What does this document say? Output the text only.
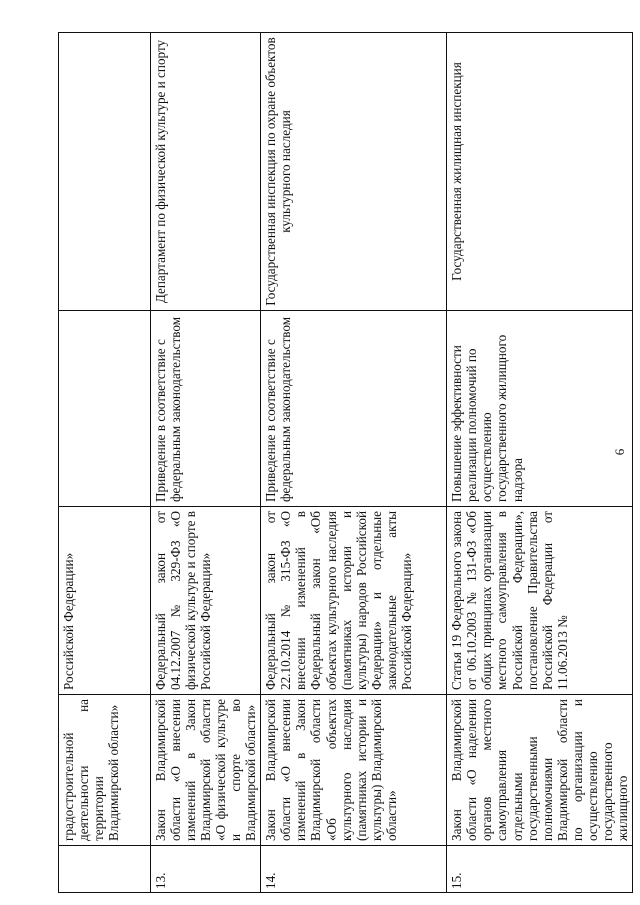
6
	градостроительной деятельности на территории Владимирской области»	Российской Федерации»		
13.	Закон Владимирской области «О внесении изменений в Закон Владимирской области «О физической культуре и спорте во Владимирской области»	Федеральный закон от 04.12.2007 № 329-ФЗ «О физической культуре и спорте в Российской Федерации»	Приведение в соответствие с федеральным законодательством	Департамент по физической культуре и спорту
14.	Закон Владимирской области «О внесении изменений в Закон Владимирской области «Об объектах культурного наследия (памятниках истории и культуры) Владимирской области»	Федеральный закон от 22.10.2014 № 315-ФЗ «О внесении изменений в Федеральный закон «Об объектах культурного наследия (памятниках истории и культуры) народов Российской Федерации» и отдельные законодательные акты Российской Федерации»	Приведение в соответствие с федеральным законодательством	Государственная инспекция по охране объектов культурного наследия
15.	Закон Владимирской области «О наделении органов местного самоуправления отдельными государственными полномочиями Владимирской области по организации и осуществлению государственного жилищного	Статья 19 Федерального закона от 06.10.2003 № 131-ФЗ «Об общих принципах организации местного самоуправления в Российской Федерации», постановление Правительства Российской Федерации от 11.06.2013 №	Повышение эффективности реализации полномочий по осуществлению государственного жилищного надзора	Государственная жилищная инспекция
